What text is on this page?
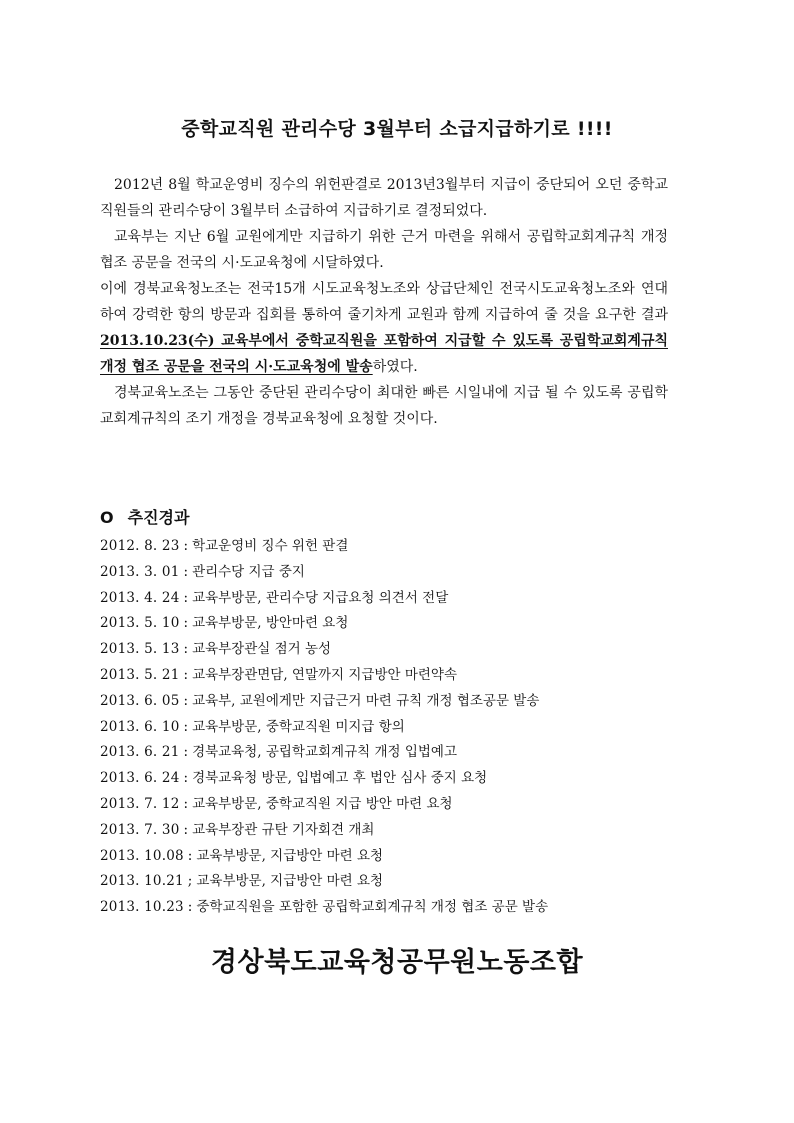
중학교직원 관리수당 3월부터 소급지급하기로 !!!!

2012년 8월 학교운영비 징수의 위헌판결로 2013년3월부터 지급이 중단되어 오던 중학교직원들의 관리수당이 3월부터 소급하여 지급하기로 결정되었다.

교육부는 지난 6월 교원에게만 지급하기 위한 근거 마련을 위해서 공립학교회계규칙 개정 협조 공문을 전국의 시·도교육청에 시달하였다.

이에 경북교육청노조는 전국15개 시도교육청노조와 상급단체인 전국시도교육청노조와 연대하여 강력한 항의 방문과 집회를 통하여 줄기차게 교원과 함께 지급하여 줄 것을 요구한 결과 2013.10.23(수) 교육부에서 중학교직원을 포함하여 지급할 수 있도록 공립학교회계규칙 개정 협조 공문을 전국의 시·도교육청에 발송하였다.

경북교육노조는 그동안 중단된 관리수당이 최대한 빠른 시일내에 지급 될 수 있도록 공립학교회계규칙의 조기 개정을 경북교육청에 요청할 것이다.

O 추진경과
2012. 8. 23 : 학교운영비 징수 위헌 판결
2013. 3. 01 : 관리수당 지급 중지
2013. 4. 24 : 교육부방문, 관리수당 지급요청 의견서 전달
2013. 5. 10 : 교육부방문, 방안마련 요청
2013. 5. 13 : 교육부장관실 점거 농성
2013. 5. 21 : 교육부장관면담, 연말까지 지급방안 마련약속
2013. 6. 05 : 교육부, 교원에게만 지급근거 마련 규칙 개정 협조공문 발송
2013. 6. 10 : 교육부방문, 중학교직원 미지급 항의
2013. 6. 21 : 경북교육청, 공립학교회계규칙 개정 입법예고
2013. 6. 24 : 경북교육청 방문, 입법예고 후 법안 심사 중지 요청
2013. 7. 12 : 교육부방문, 중학교직원 지급 방안 마련 요청
2013. 7. 30 : 교육부장관 규탄 기자회견 개최
2013. 10.08 : 교육부방문, 지급방안 마련 요청
2013. 10.21 ; 교육부방문, 지급방안 마련 요청
2013. 10.23 : 중학교직원을 포함한 공립학교회계규칙 개정 협조 공문 발송
경상북도교육청공무원노동조합
